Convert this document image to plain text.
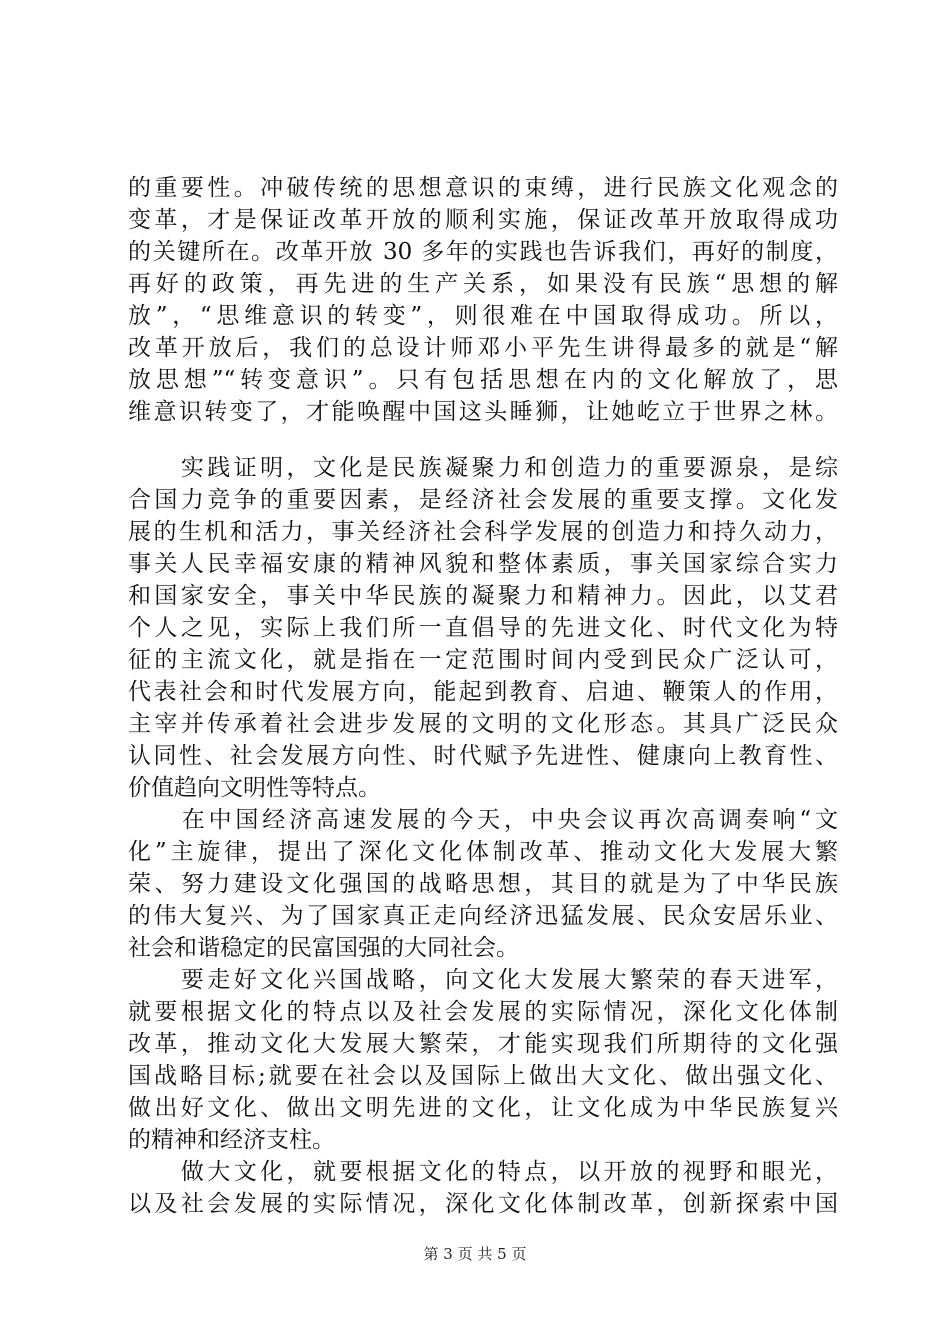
的重要性。冲破传统的思想意识的束缚，进行民族文化观念的
变革，才是保证改革开放的顺利实施，保证改革开放取得成功
的关键所在。改革开放 30 多年的实践也告诉我们，再好的制度，
再好的政策，再先进的生产关系，如果没有民族“思想的解
放”，“思维意识的转变”，则很难在中国取得成功。所以，
改革开放后，我们的总设计师邓小平先生讲得最多的就是“解
放思想”“转变意识”。只有包括思想在内的文化解放了，思
维意识转变了，才能唤醒中国这头睡狮，让她屹立于世界之林。
　　实践证明，文化是民族凝聚力和创造力的重要源泉，是综
合国力竞争的重要因素，是经济社会发展的重要支撑。文化发
展的生机和活力，事关经济社会科学发展的创造力和持久动力，
事关人民幸福安康的精神风貌和整体素质，事关国家综合实力
和国家安全，事关中华民族的凝聚力和精神力。因此，以艾君
个人之见，实际上我们所一直倡导的先进文化、时代文化为特
征的主流文化，就是指在一定范围时间内受到民众广泛认可，
代表社会和时代发展方向，能起到教育、启迪、鞭策人的作用，
主宰并传承着社会进步发展的文明的文化形态。其具广泛民众
认同性、社会发展方向性、时代赋予先进性、健康向上教育性、
价值趋向文明性等特点。
　　在中国经济高速发展的今天，中央会议再次高调奏响“文
化”主旋律，提出了深化文化体制改革、推动文化大发展大繁
荣、努力建设文化强国的战略思想，其目的就是为了中华民族
的伟大复兴、为了国家真正走向经济迅猛发展、民众安居乐业、
社会和谐稳定的民富国强的大同社会。
　　要走好文化兴国战略，向文化大发展大繁荣的春天进军，
就要根据文化的特点以及社会发展的实际情况，深化文化体制
改革，推动文化大发展大繁荣，才能实现我们所期待的文化强
国战略目标;就要在社会以及国际上做出大文化、做出强文化、
做出好文化、做出文明先进的文化，让文化成为中华民族复兴
的精神和经济支柱。
　　做大文化，就要根据文化的特点，以开放的视野和眼光，
以及社会发展的实际情况，深化文化体制改革，创新探索中国
第 3 页 共 5 页
